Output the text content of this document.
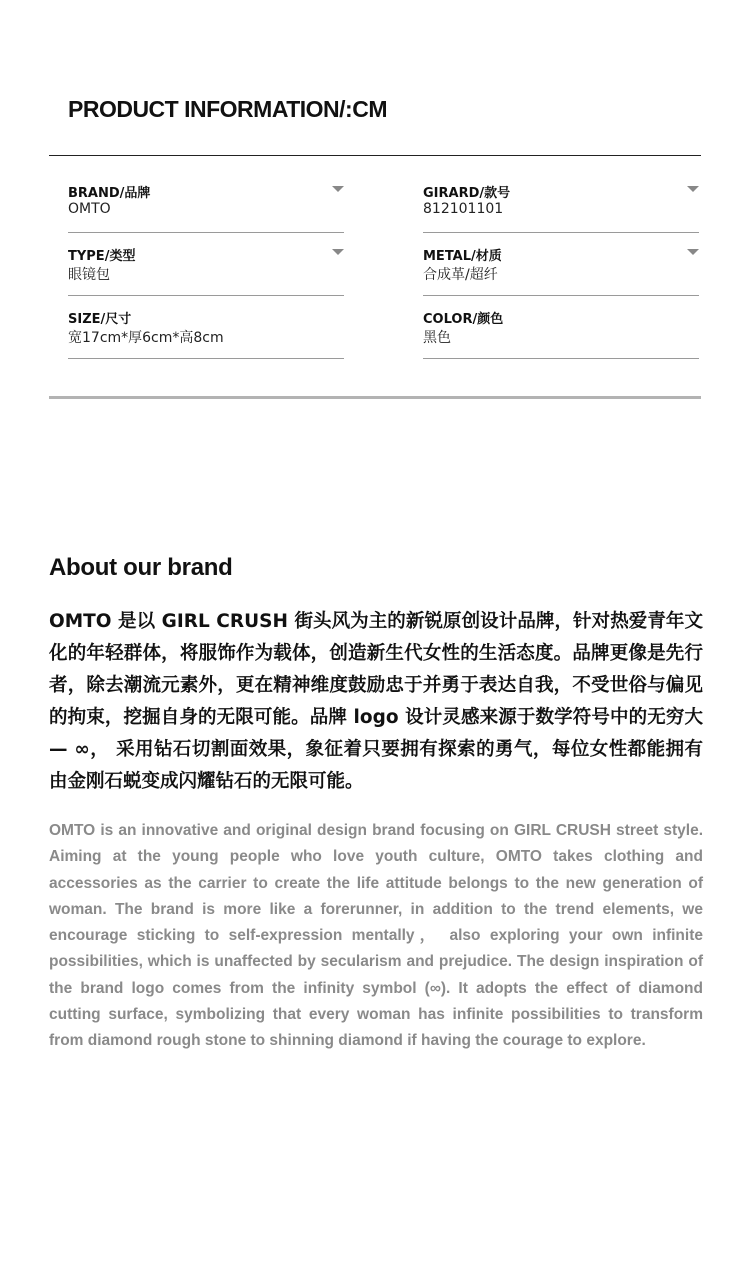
PRODUCT INFORMATION/:CM
BRAND/品牌
OMTO
GIRARD/款号
812101101
TYPE/类型
眼镜包
METAL/材质
合成革/超纤
SIZE/尺寸
宽17cm*厚6cm*高8cm
COLOR/颜色
黑色
About our brand

OMTO 是以 GIRL CRUSH 街头风为主的新锐原创设计品牌，针对热爱青年文化的年轻群体，将服饰作为载体，创造新生代女性的生活态度。品牌更像是先行者，除去潮流元素外，更在精神维度鼓励忠于并勇于表达自我，不受世俗与偏见的拘束，挖掘自身的无限可能。品牌 logo 设计灵感来源于数学符号中的无穷大 — ∞， 采用钻石切割面效果，象征着只要拥有探索的勇气，每位女性都能拥有由金刚石蜕变成闪耀钻石的无限可能。

OMTO is an innovative and original design brand focusing on GIRL CRUSH street style. Aiming at the young people who love youth culture, OMTO takes clothing and accessories as the carrier to create the life attitude belongs to the new generation of woman. The brand is more like a forerunner, in addition to the trend elements, we encourage sticking to self-expression mentally， also exploring your own infinite possibilities, which is unaffected by secularism and prejudice. The design inspiration of the brand logo comes from the infinity symbol (∞). It adopts the effect of diamond cutting surface, symbolizing that every woman has infinite possibilities to transform from diamond rough stone to shinning diamond if having the courage to explore.
